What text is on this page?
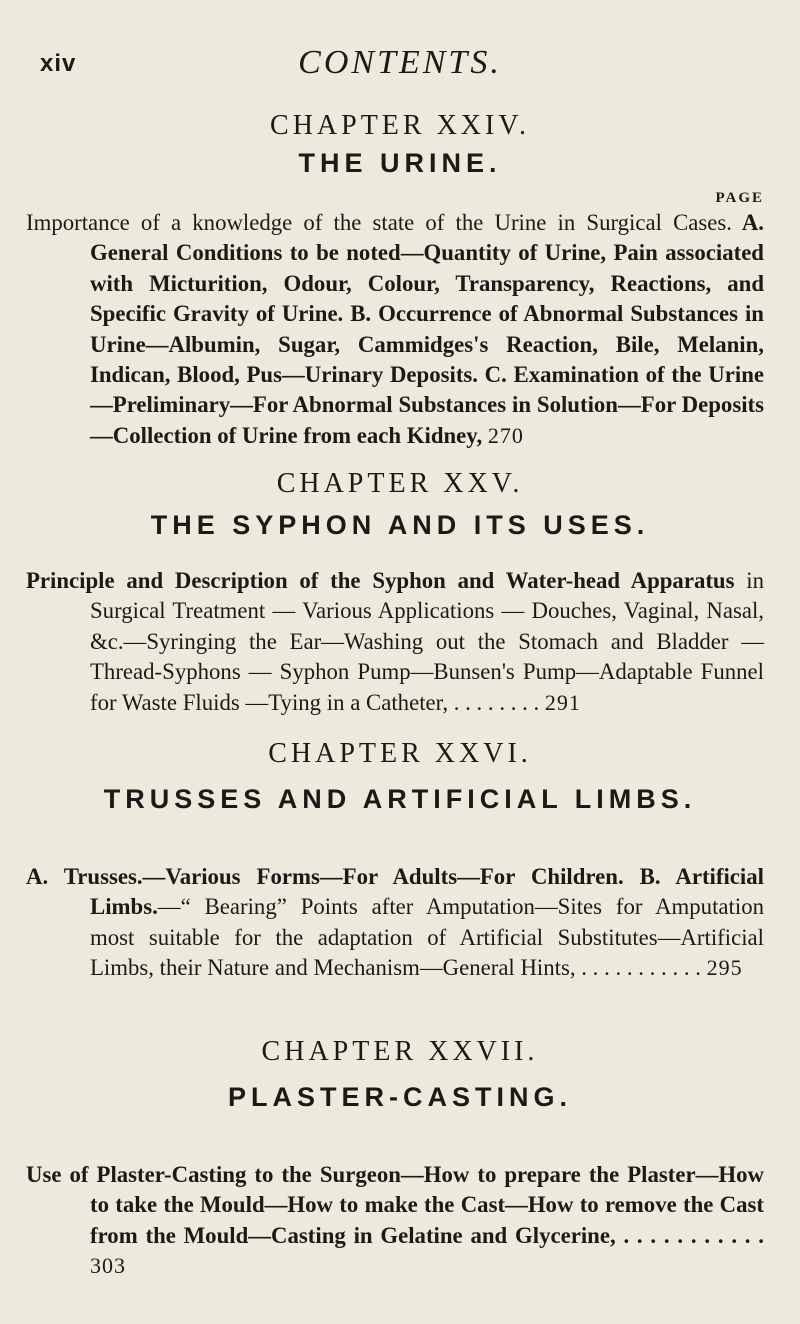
xiv	CONTENTS.
CHAPTER XXIV.
THE URINE.
PAGE
Importance of a knowledge of the state of the Urine in Surgical Cases. A. General Conditions to be noted—Quantity of Urine, Pain associated with Micturition, Odour, Colour, Transparency, Reactions, and Specific Gravity of Urine. B. Occurrence of Abnormal Substances in Urine—Albumin, Sugar, Cammidges's Reaction, Bile, Melanin, Indican, Blood, Pus—Urinary Deposits. C. Examination of the Urine—Preliminary—For Abnormal Substances in Solution—For Deposits—Collection of Urine from each Kidney, 270
CHAPTER XXV.
THE SYPHON AND ITS USES.
Principle and Description of the Syphon and Water-head Apparatus in Surgical Treatment — Various Applications — Douches, Vaginal, Nasal, &c.—Syringing the Ear—Washing out the Stomach and Bladder — Thread-Syphons — Syphon Pump—Bunsen's Pump—Adaptable Funnel for Waste Fluids —Tying in a Catheter, . . . . . . . . 291
CHAPTER XXVI.
TRUSSES AND ARTIFICIAL LIMBS.
A. Trusses.—Various Forms—For Adults—For Children. B. Artificial Limbs.—“ Bearing” Points after Amputation—Sites for Amputation most suitable for the adaptation of Artificial Substitutes—Artificial Limbs, their Nature and Mechanism—General Hints, . . . . . . . . . . . 295
CHAPTER XXVII.
PLASTER-CASTING.
Use of Plaster-Casting to the Surgeon—How to prepare the Plaster—How to take the Mould—How to make the Cast—How to remove the Cast from the Mould—Casting in Gelatine and Glycerine, . . . . . . . . . . . 303
